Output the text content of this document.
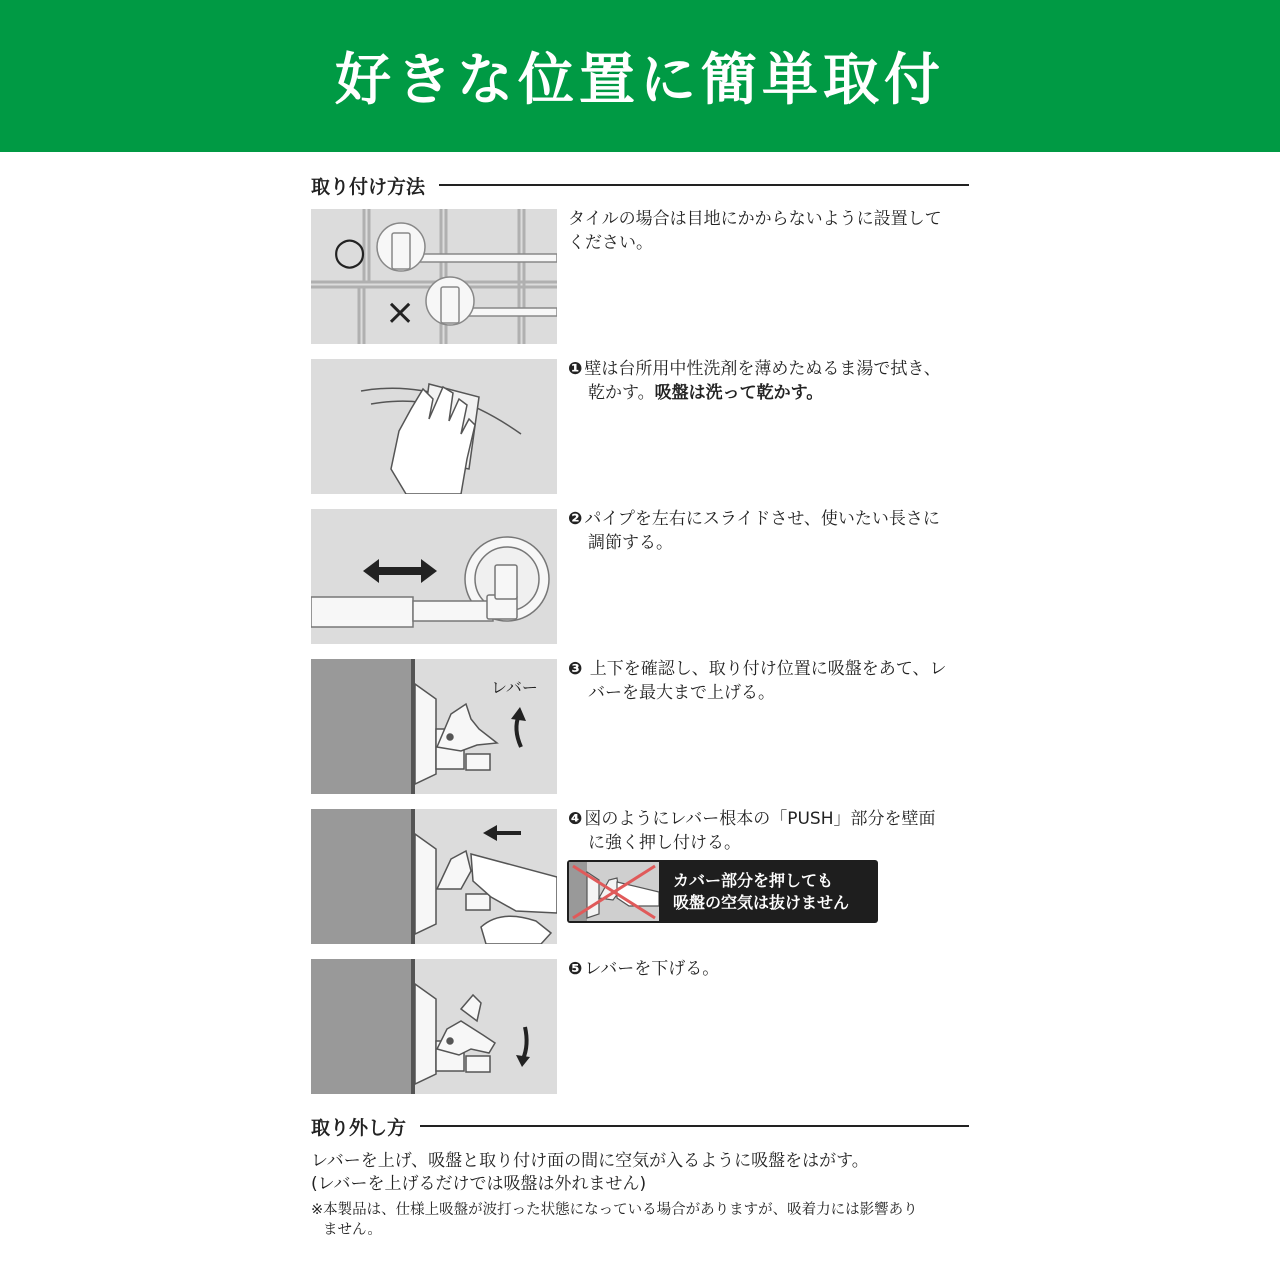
好きな位置に簡単取付
取り付け方法
○
×
タイルの場合は目地にかからないように設置して
ください。
❶ 壁は台所用中性洗剤を薄めたぬるま湯で拭き、
乾かす。吸盤は洗って乾かす。
❷ パイプを左右にスライドさせ、使いたい長さに
調節する。
レバー
❸ 上下を確認し、取り付け位置に吸盤をあて、レ
バーを最大まで上げる。
❹ 図のようにレバー根本の「PUSH」部分を壁面
に強く押し付ける。
カバー部分を押しても
吸盤の空気は抜けません
❺ レバーを下げる。
取り外し方
レバーを上げ、吸盤と取り付け面の間に空気が入るように吸盤をはがす。
(レバーを上げるだけでは吸盤は外れません)
※本製品は、仕様上吸盤が波打った状態になっている場合がありますが、吸着力には影響あり
ません。
